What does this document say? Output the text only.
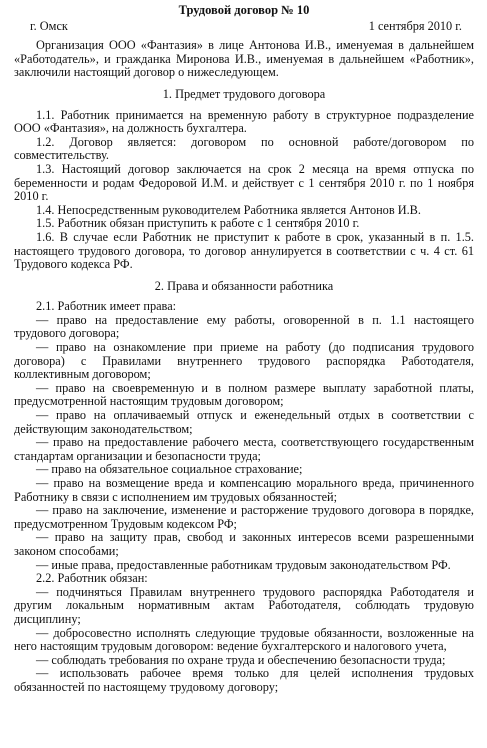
Трудовой договор № 10
г. Омск	1 сентября 2010 г.

Организация ООО «Фантазия» в лице Антонова И.В., именуемая в дальнейшем «Работодатель», и гражданка Миронова И.В., именуемая в дальнейшем «Работник», заключили настоящий договор о нижеследующем.

1. Предмет трудового договора

1.1. Работник принимается на временную работу в структурное подразделение ООО «Фантазия», на должность бухгалтера.

1.2. Договор является: договором по основной работе/договором по совместительству.

1.3. Настоящий договор заключается на срок 2 месяца на время отпуска по беременности и родам Федоровой И.М. и действует с 1 сентября 2010 г. по 1 ноября 2010 г.

1.4. Непосредственным руководителем Работника является Антонов И.В.

1.5. Работник обязан приступить к работе с 1 сентября 2010 г.

1.6. В случае если Работник не приступит к работе в срок, указанный в п. 1.5. настоящего трудового договора, то договор аннулируется в соответствии с ч. 4 ст. 61 Трудового кодекса РФ.

2. Права и обязанности работника

2.1. Работник имеет права:

— право на предоставление ему работы, оговоренной в п. 1.1 настоящего трудового договора;

— право на ознакомление при приеме на работу (до подписания трудового договора) с Правилами внутреннего трудового распорядка Работодателя, коллективным договором;

— право на своевременную и в полном размере выплату заработной платы, предусмотренной настоящим трудовым договором;

— право на оплачиваемый отпуск и еженедельный отдых в соответствии с действующим законодательством;

— право на предоставление рабочего места, соответствующего государственным стандартам организации и безопасности труда;

— право на обязательное социальное страхование;

— право на возмещение вреда и компенсацию морального вреда, причиненного Работнику в связи с исполнением им трудовых обязанностей;

— право на заключение, изменение и расторжение трудового договора в порядке, предусмотренном Трудовым кодексом РФ;

— право на защиту прав, свобод и законных интересов всеми разрешенными законом способами;

— иные права, предоставленные работникам трудовым законодательством РФ.

2.2. Работник обязан:

— подчиняться Правилам внутреннего трудового распорядка Работодателя и другим локальным нормативным актам Работодателя, соблюдать трудовую дисциплину;

— добросовестно исполнять следующие трудовые обязанности, возложенные на него настоящим трудовым договором: ведение бухгалтерского и налогового учета,

— соблюдать требования по охране труда и обеспечению безопасности труда;

— использовать рабочее время только для целей исполнения трудовых обязанностей по настоящему трудовому договору;
